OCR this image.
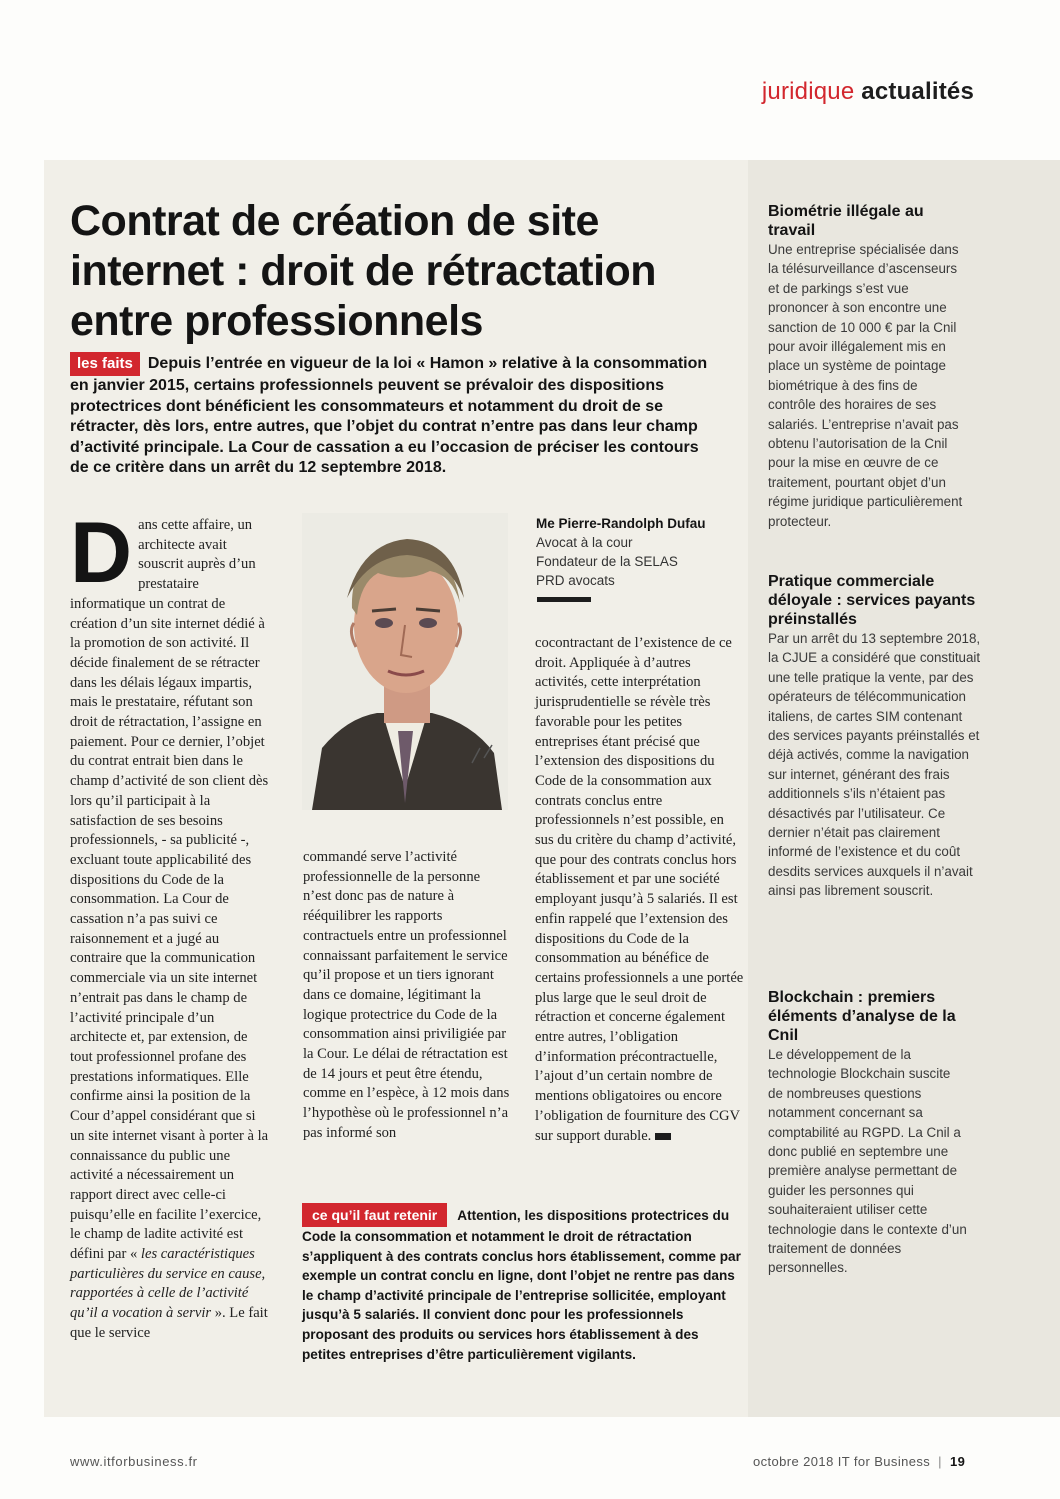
juridique actualités
Contrat de création de site internet : droit de rétractation entre professionnels
les faits Depuis l’entrée en vigueur de la loi « Hamon » relative à la consommation en janvier 2015, certains professionnels peuvent se prévaloir des dispositions protectrices dont bénéficient les consommateurs et notamment du droit de se rétracter, dès lors, entre autres, que l’objet du contrat n’entre pas dans leur champ d’activité principale. La Cour de cassation a eu l’occasion de préciser les contours de ce critère dans un arrêt du 12 septembre 2018.
Dans cette affaire, un architecte avait souscrit auprès d’un prestataire informatique un contrat de création d’un site internet dédié à la promotion de son activité. Il décide finalement de se rétracter dans les délais légaux impartis, mais le prestataire, réfutant son droit de rétractation, l’assigne en paiement. Pour ce dernier, l’objet du contrat entrait bien dans le champ d’activité de son client dès lors qu’il participait à la satisfaction de ses besoins professionnels, - sa publicité -, excluant toute applicabilité des dispositions du Code de la consommation. La Cour de cassation n’a pas suivi ce raisonnement et a jugé au contraire que la communication commerciale via un site internet n’entrait pas dans le champ de l’activité principale d’un architecte et, par extension, de tout professionnel profane des prestations informatiques. Elle confirme ainsi la position de la Cour d’appel considérant que si un site internet visant à porter à la connaissance du public une activité a nécessairement un rapport direct avec celle-ci puisqu’elle en facilite l’exercice, le champ de ladite activité est défini par « les caractéristiques particulières du service en cause, rapportées à celle de l’activité qu’il a vocation à servir ». Le fait que le service
Me Pierre-Randolph Dufau
Avocat à la cour
Fondateur de la SELAS
PRD avocats
commandé serve l’activité professionnelle de la personne n’est donc pas de nature à rééquilibrer les rapports contractuels entre un professionnel connaissant parfaitement le service qu’il propose et un tiers ignorant dans ce domaine, légitimant la logique protectrice du Code de la consommation ainsi priviligiée par la Cour. Le délai de rétractation est de 14 jours et peut être étendu, comme en l’espèce, à 12 mois dans l’hypothèse où le professionnel n’a pas informé son
cocontractant de l’existence de ce droit. Appliquée à d’autres activités, cette interprétation jurisprudentielle se révèle très favorable pour les petites entreprises étant précisé que l’extension des dispositions du Code de la consommation aux contrats conclus entre professionnels n’est possible, en sus du critère du champ d’activité, que pour des contrats conclus hors établissement et par une société employant jusqu’à 5 salariés. Il est enfin rappelé que l’extension des dispositions du Code de la consommation au bénéfice de certains professionnels a une portée plus large que le seul droit de rétraction et concerne également entre autres, l’obligation d’information précontractuelle, l’ajout d’un certain nombre de mentions obligatoires ou encore l’obligation de fourniture des CGV sur support durable.
ce qu’il faut retenir Attention, les dispositions protectrices du Code la consommation et notamment le droit de rétractation s’appliquent à des contrats conclus hors établissement, comme par exemple un contrat conclu en ligne, dont l’objet ne rentre pas dans le champ d’activité principale de l’entreprise sollicitée, employant jusqu’à 5 salariés. Il convient donc pour les professionnels proposant des produits ou services hors établissement à des petites entreprises d’être particulièrement vigilants.
Biométrie illégale au travail

Une entreprise spécialisée dans la télésurveillance d’ascenseurs et de parkings s’est vue prononcer à son encontre une sanction de 10 000 € par la Cnil pour avoir illégalement mis en place un système de pointage biométrique à des fins de contrôle des horaires de ses salariés. L’entreprise n’avait pas obtenu l’autorisation de la Cnil pour la mise en œuvre de ce traitement, pourtant objet d’un régime juridique particulièrement protecteur.

Pratique commerciale déloyale : services payants préinstallés

Par un arrêt du 13 septembre 2018, la CJUE a considéré que constituait une telle pratique la vente, par des opérateurs de télécommunication italiens, de cartes SIM contenant des services payants préinstallés et déjà activés, comme la navigation sur internet, générant des frais additionnels s’ils n’étaient pas désactivés par l’utilisateur. Ce dernier n’était pas clairement informé de l’existence et du coût desdits services auxquels il n’avait ainsi pas librement souscrit.

Blockchain : premiers éléments d’analyse de la Cnil

Le développement de la technologie Blockchain suscite de nombreuses questions notamment concernant sa comptabilité au RGPD. La Cnil a donc publié en septembre une première analyse permettant de guider les personnes qui souhaiteraient utiliser cette technologie dans le contexte d’un traitement de données personnelles.

www.itforbusiness.fr	octobre 2018 IT for Business | 19
